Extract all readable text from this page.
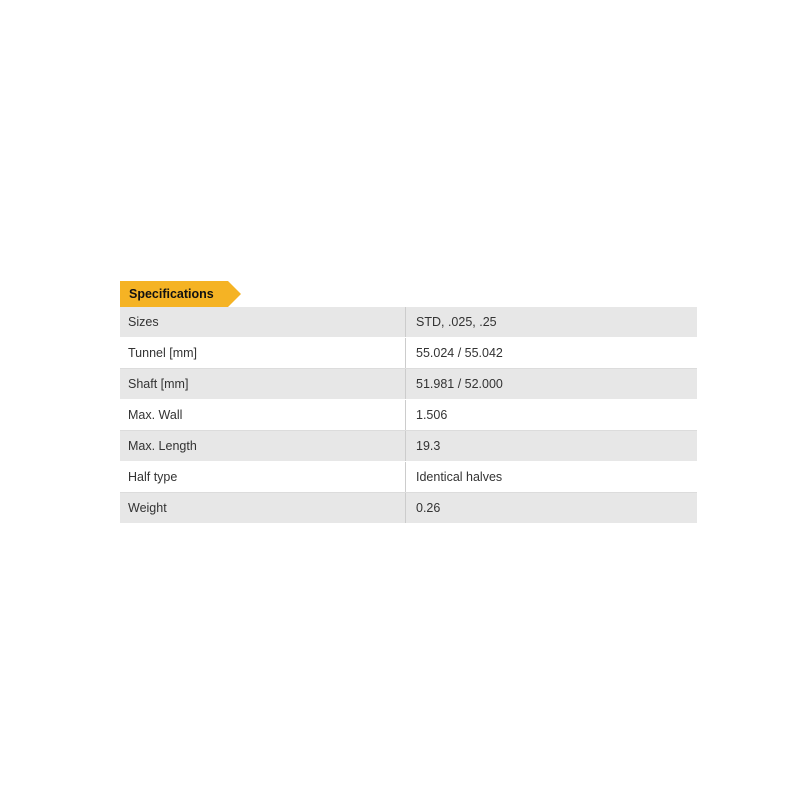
Specifications
Sizes	STD, .025, .25
Tunnel [mm]	55.024 / 55.042
Shaft [mm]	51.981 / 52.000
Max. Wall	1.506
Max. Length	19.3
Half type	Identical halves
Weight	0.26
